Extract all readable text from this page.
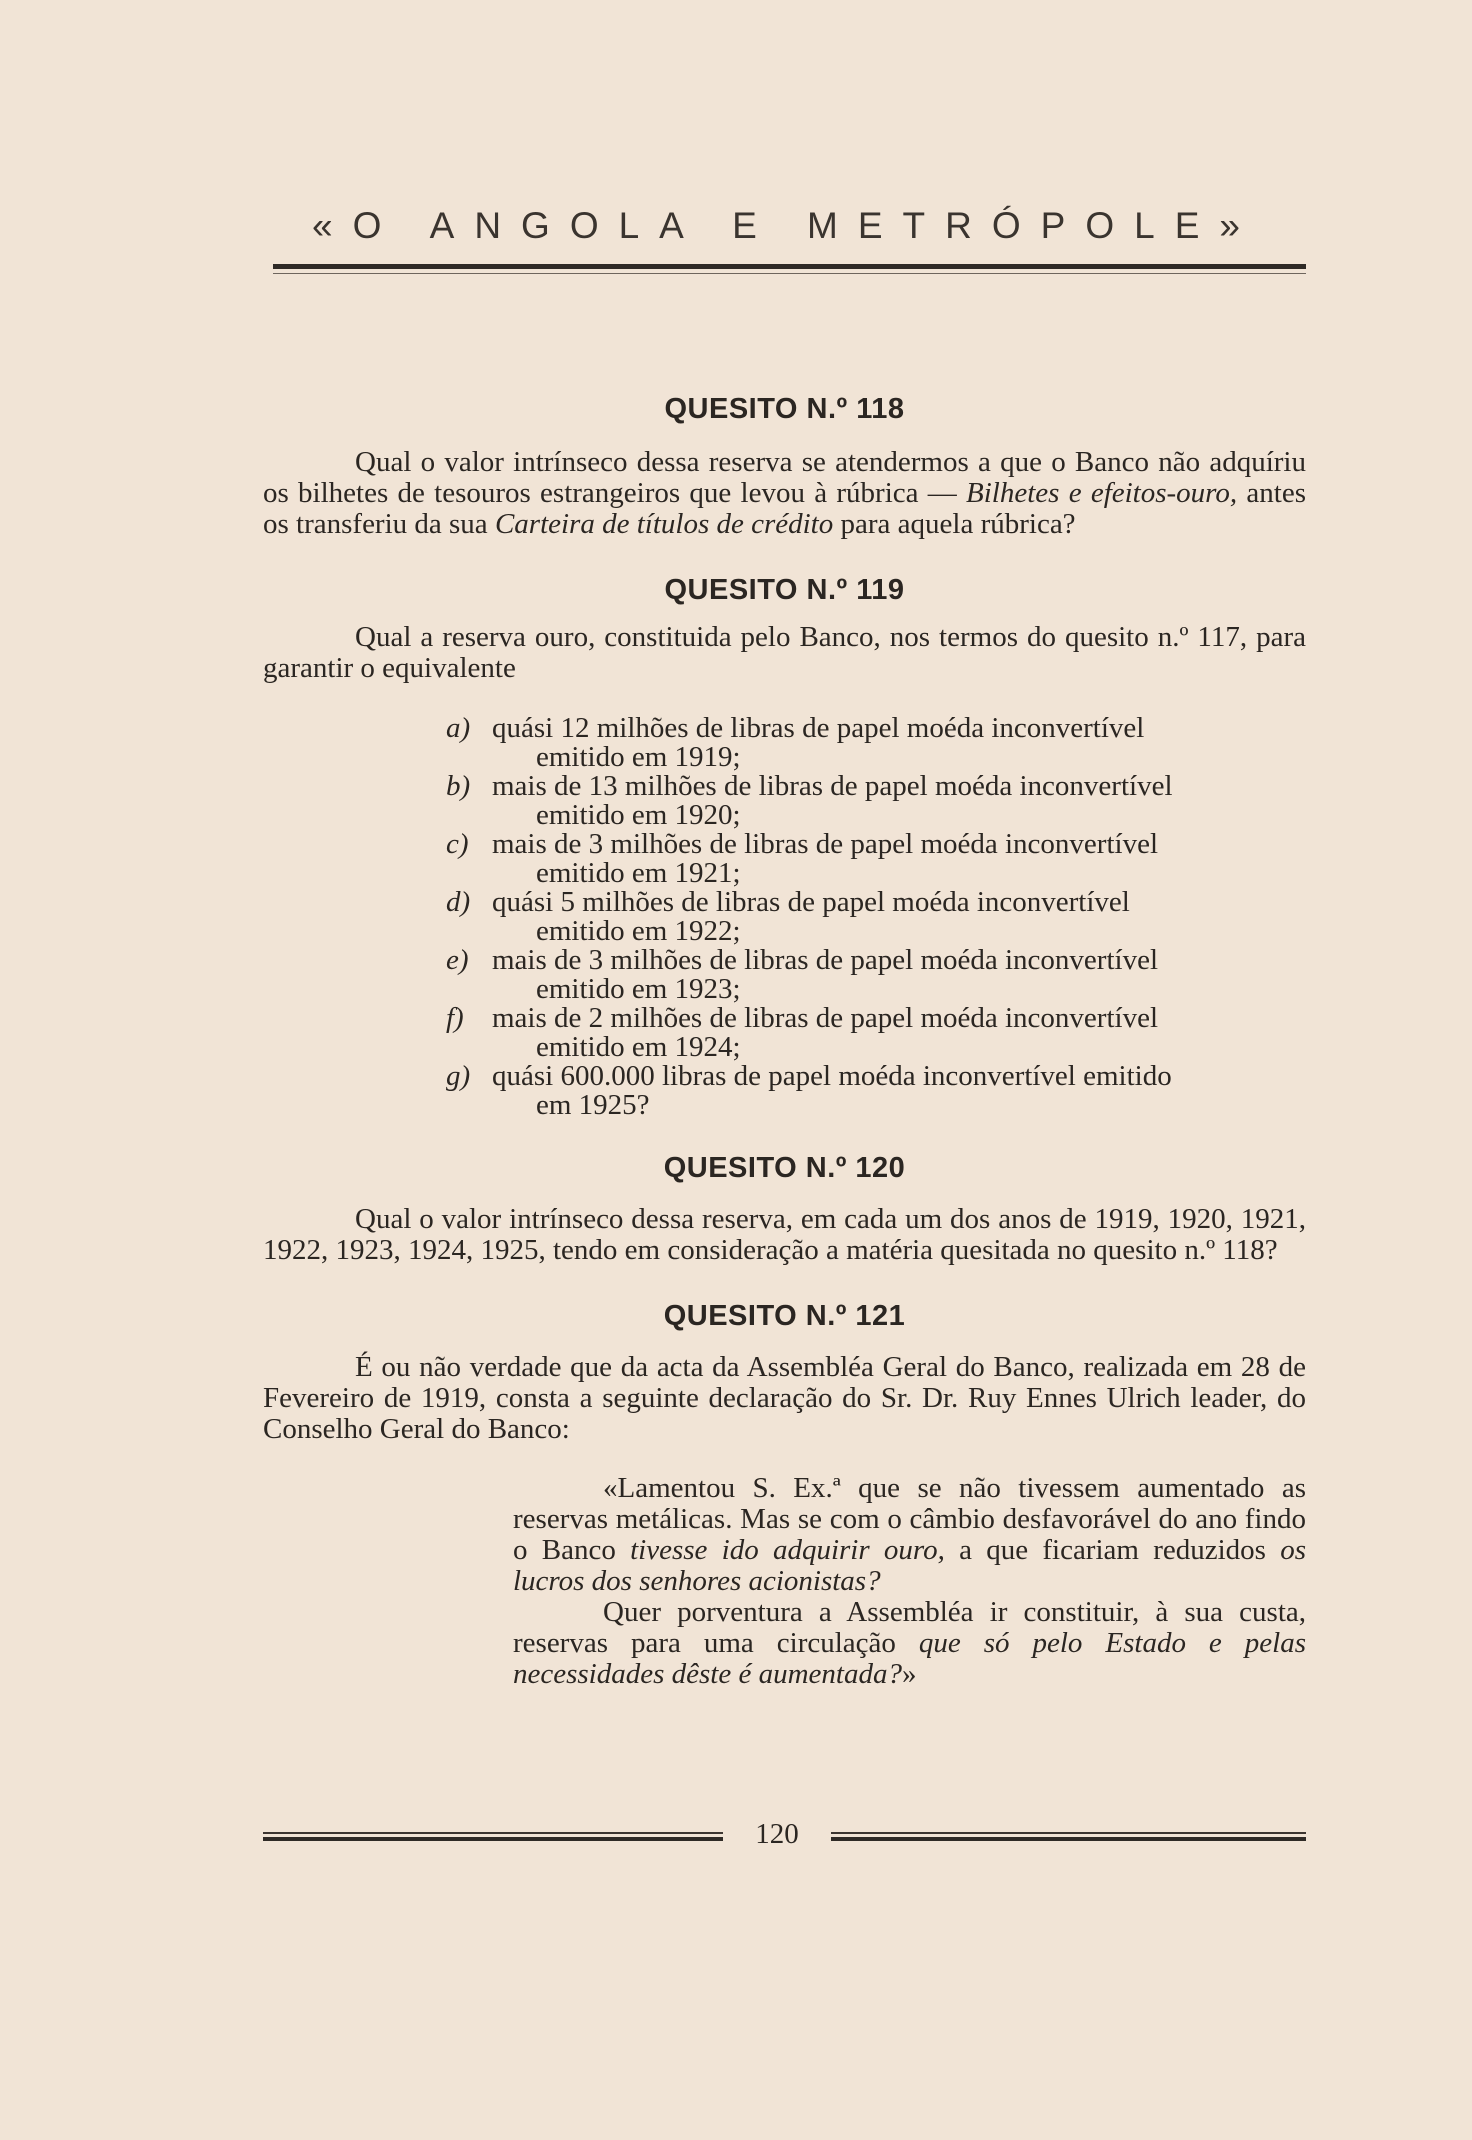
«O ANGOLA E METRÓPOLE»
QUESITO N.º 118

Qual o valor intrínseco dessa reserva se atendermos a que o Banco não adquíriu os bilhetes de tesouros estrangeiros que levou à rúbrica — Bilhetes e efeitos-ouro, antes os transferiu da sua Carteira de títulos de crédito para aquela rúbrica?

QUESITO N.º 119

Qual a reserva ouro, constituida pelo Banco, nos termos do quesito n.º 117, para garantir o equivalente

a) quási 12 milhões de libras de papel moéda inconvertível
emitido em 1919;
b) mais de 13 milhões de libras de papel moéda inconvertível
emitido em 1920;
c) mais de 3 milhões de libras de papel moéda inconvertível
emitido em 1921;
d) quási 5 milhões de libras de papel moéda inconvertível
emitido em 1922;
e) mais de 3 milhões de libras de papel moéda inconvertível
emitido em 1923;
f) mais de 2 milhões de libras de papel moéda inconvertível
emitido em 1924;
g) quási 600.000 libras de papel moéda inconvertível emitido
em 1925?
QUESITO N.º 120

Qual o valor intrínseco dessa reserva, em cada um dos anos de 1919, 1920, 1921, 1922, 1923, 1924, 1925, tendo em consideração a matéria quesitada no quesito n.º 118?

QUESITO N.º 121

É ou não verdade que da acta da Assembléa Geral do Banco, realizada em 28 de Fevereiro de 1919, consta a seguinte declaração do Sr. Dr. Ruy Ennes Ulrich leader, do Conselho Geral do Banco:

«Lamentou S. Ex.ª que se não tivessem aumentado as reservas metálicas. Mas se com o câmbio desfavorável do ano findo o Banco tivesse ido adquirir ouro, a que ficariam reduzidos os lucros dos senhores acionistas?

Quer porventura a Assembléa ir constituir, à sua custa, reservas para uma circulação que só pelo Estado e pelas necessidades dêste é aumentada?»

120
